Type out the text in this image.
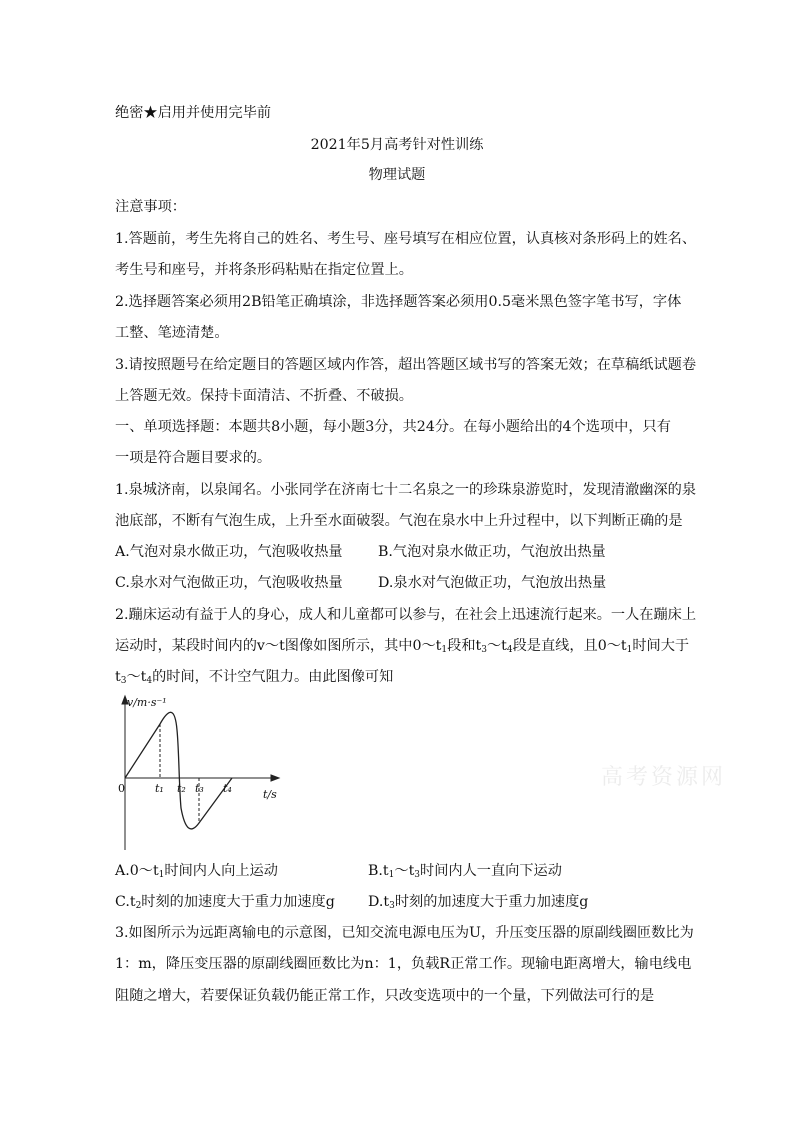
绝密★启用并使用完毕前
2021年5月高考针对性训练
物理试题
注意事项：
1.答题前，考生先将自己的姓名、考生号、座号填写在相应位置，认真核对条形码上的姓名、
考生号和座号，并将条形码粘贴在指定位置上。
2.选择题答案必须用2B铅笔正确填涂，非选择题答案必须用0.5毫米黑色签字笔书写，字体
工整、笔迹清楚。
3.请按照题号在给定题目的答题区域内作答，超出答题区域书写的答案无效；在草稿纸试题卷
上答题无效。保持卡面清洁、不折叠、不破损。
一、单项选择题：本题共8小题，每小题3分，共24分。在每小题给出的4个选项中，只有
一项是符合题目要求的。
1.泉城济南，以泉闻名。小张同学在济南七十二名泉之一的珍珠泉游览时，发现清澈幽深的泉
池底部，不断有气泡生成，上升至水面破裂。气泡在泉水中上升过程中，以下判断正确的是
A.气泡对泉水做正功，气泡吸收热量 B.气泡对泉水做正功，气泡放出热量
C.泉水对气泡做正功，气泡吸收热量 D.泉水对气泡做正功，气泡放出热量
2.蹦床运动有益于人的身心，成人和儿童都可以参与，在社会上迅速流行起来。一人在蹦床上
运动时，某段时间内的v～t图像如图所示，其中$0\sim t_1$段和$t_3\sim t_4$段是直线，且$0\sim t_1$时间大于
$t_3\sim t_4$的时间，不计空气阻力。由此图像可知
v/m·s⁻¹
t/s
0	t₁ t₂ t₃ t₄	高考资源网
$A.0\sim t_1$时间内人向上运动	$B.t_1\sim t_3$时间内人一直向下运动
$C.t_2$时刻的加速度大于重力加速度g $D.t_3$时刻的加速度大于重力加速度g
3.如图所示为远距离输电的示意图，已知交流电源电压为U，升压变压器的原副线圈匝数比为
1：m，降压变压器的原副线圈匝数比为n：1，负载R正常工作。现输电距离增大，输电线电
阻随之增大，若要保证负载仍能正常工作，只改变选项中的一个量，下列做法可行的是
